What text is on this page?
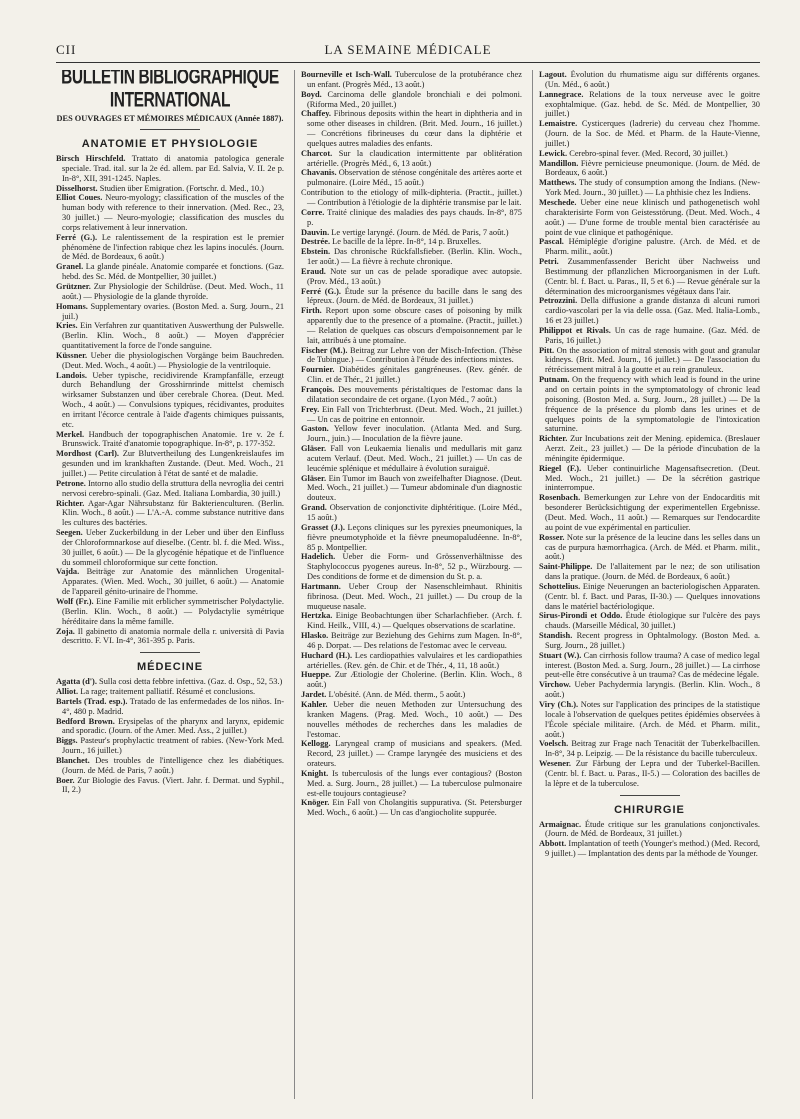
CII	LA SEMAINE MÉDICALE
BULLETIN BIBLIOGRAPHIQUE INTERNATIONAL
DES OUVRAGES ET MÉMOIRES MÉDICAUX (Année 1887).
ANATOMIE ET PHYSIOLOGIE

Birsch Hirschfeld. Trattato di anatomia patologica generale speciale. Trad. ital. sur la 2e éd. allem. par Ed. Salvia, V. II. 2e p. In-8°, XII, 391-1245. Naples.

Disselhorst. Studien über Emigration. (Fortschr. d. Med., 10.)

Elliot Coues. Neuro-myology; classification of the muscles of the human body with reference to their innervation. (Med. Rec., 23, 30 juillet.) — Neuro-myologie; classification des muscles du corps relativement à leur innervation.

Ferré (G.). Le ralentissement de la respiration est le premier phénomène de l'infection rabique chez les lapins inoculés. (Journ. de Méd. de Bordeaux, 6 août.)

Granel. La glande pinéale. Anatomie comparée et fonctions. (Gaz. hebd. des Sc. Méd. de Montpellier, 30 juillet.)

Grützner. Zur Physiologie der Schildrüse. (Deut. Med. Woch., 11 août.) — Physiologie de la glande thyroïde.

Homans. Supplementary ovaries. (Boston Med. a. Surg. Journ., 21 juil.)

Kries. Ein Verfahren zur quantitativen Auswerthung der Pulswelle. (Berlin. Klin. Woch., 8 août.) — Moyen d'apprécier quantitativement la force de l'onde sanguine.

Küssner. Ueber die physiologischen Vorgänge beim Bauchreden. (Deut. Med. Woch., 4 août.) — Physiologie de la ventriloquie.

Landois. Ueber typische, recidivirende Krampfanfälle, erzeugt durch Behandlung der Grosshirnrinde mittelst chemisch wirksamer Substanzen und über cerebrale Chorea. (Deut. Med. Woch., 4 août.) — Convulsions typiques, récidivantes, produites en irritant l'écorce centrale à l'aide d'agents chimiques puissants, etc.

Merkel. Handbuch der topographischen Anatomie. 1re v. 2e f. Brunswick. Traité d'anatomie topographique. In-8°, p. 177-352.

Mordhost (Carl). Zur Blutvertheilung des Lungenkreislaufes im gesunden und im krankhaften Zustande. (Deut. Med. Woch., 21 juillet.) — Petite circulation à l'état de santé et de maladie.

Petrone. Intorno allo studio della struttura della nevroglia dei centri nervosi cerebro-spinali. (Gaz. Med. Italiana Lombardia, 30 juill.)

Richter. Agar-Agar Nährsubstanz für Bakterienculturen. (Berlin. Klin. Woch., 8 août.) — L'A.-A. comme substance nutritive dans les cultures des bactéries.

Seegen. Ueber Zuckerbildung in der Leber und über den Einfluss der Chloroformnarkose auf dieselbe. (Centr. bl. f. die Med. Wiss., 30 juillet, 6 août.) — De la glycogénie hépatique et de l'influence du sommeil chloroformique sur cette fonction.

Vajda. Beiträge zur Anatomie des männlichen Urogenital-Apparates. (Wien. Med. Woch., 30 juillet, 6 août.) — Anatomie de l'appareil génito-urinaire de l'homme.

Wolf (Fr.). Eine Familie mit erblicher symmetrischer Polydactylie. (Berlin. Klin. Woch., 8 août.) — Polydactylie symétrique héréditaire dans la même famille.

Zoja. Il gabinetto di anatomia normale della r. università di Pavia descritto. F. VI. In-4°, 361-395 p. Paris.

MÉDECINE

Agatta (d'). Sulla cosi detta febbre infettiva. (Gaz. d. Osp., 52, 53.)

Alliot. La rage; traitement palliatif. Résumé et conclusions.

Bartels (Trad. esp.). Tratado de las enfermedades de los niños. In-4°, 480 p. Madrid.

Bedford Brown. Erysipelas of the pharynx and larynx, epidemic and sporadic. (Journ. of the Amer. Med. Ass., 2 juillet.)

Biggs. Pasteur's prophylactic treatment of rabies. (New-York Med. Journ., 16 juillet.)

Blanchet. Des troubles de l'intelligence chez les diabétiques. (Journ. de Méd. de Paris, 7 août.)

Boer. Zur Biologie des Favus. (Viert. Jahr. f. Dermat. und Syphil., II, 2.)

Bourneville et Isch-Wall. Tuberculose de la protubérance chez un enfant. (Progrès Méd., 13 août.)

Boyd. Carcinoma delle glandole bronchiali e dei polmoni. (Riforma Med., 20 juillet.)

Chaffey. Fibrinous deposits within the heart in diphtheria and in some other diseases in children. (Brit. Med. Journ., 16 juillet.) — Concrétions fibrineuses du cœur dans la diphtérie et quelques autres maladies des enfants.

Charcot. Sur la claudication intermittente par oblitération artérielle. (Progrès Méd., 6, 13 août.)

Chavanis. Observation de sténose congénitale des artères aorte et pulmonaire. (Loire Méd., 15 août.)

Contribution to the etiology of milk-diphteria. (Practit., juillet.) — Contribution à l'étiologie de la diphtérie transmise par le lait.

Corre. Traité clinique des maladies des pays chauds. In-8°, 875 p.

Dauvin. Le vertige laryngé. (Journ. de Méd. de Paris, 7 août.)

Destrée. Le bacille de la lèpre. In-8°, 14 p. Bruxelles.

Ebstein. Das chronische Rückfallsfieber. (Berlin. Klin. Woch., 1er août.) — La fièvre à rechute chronique.

Eraud. Note sur un cas de pelade sporadique avec autopsie. (Prov. Méd., 13 août.)

Ferré (G.). Étude sur la présence du bacille dans le sang des lépreux. (Journ. de Méd. de Bordeaux, 31 juillet.)

Firth. Report upon some obscure cases of poisoning by milk apparently due to the presence of a ptomaïne. (Practit., juillet.) — Relation de quelques cas obscurs d'empoisonnement par le lait, attribués à une ptomaïne.

Fischer (M.). Beitrag zur Lehre von der Misch-Infection. (Thèse de Tubingue.) — Contribution à l'étude des infections mixtes.

Fournier. Diabétides génitales gangréneuses. (Rev. génér. de Clin. et de Thér., 21 juillet.)

François. Des mouvements péristaltiques de l'estomac dans la dilatation secondaire de cet organe. (Lyon Méd., 7 août.)

Frey. Ein Fall von Trichterbrust. (Deut. Med. Woch., 21 juillet.) — Un cas de poitrine en entonnoir.

Gaston. Yellow fever inoculation. (Atlanta Med. and Surg. Journ., juin.) — Inoculation de la fièvre jaune.

Gläser. Fall von Leukaemia lienalis und medullaris mit ganz acutem Verlauf. (Deut. Med. Woch., 21 juillet.) — Un cas de leucémie splénique et médullaire à évolution suraiguë.

Gläser. Ein Tumor im Bauch von zweifelhafter Diagnose. (Deut. Med. Woch., 21 juillet.) — Tumeur abdominale d'un diagnostic douteux.

Grand. Observation de conjonctivite diphtéritique. (Loire Méd., 15 août.)

Grasset (J.). Leçons cliniques sur les pyrexies pneumoniques, la fièvre pneumotyphoïde et la fièvre pneumopaludéenne. In-8°, 85 p. Montpellier.

Hadelich. Ueber die Form- und Grössenverhältnisse des Staphylococcus pyogenes aureus. In-8°, 52 p., Würzbourg. — Des conditions de forme et de dimension du St. p. a.

Hartmann. Ueber Croup der Nasenschleimhaut. Rhinitis fibrinosa. (Deut. Med. Woch., 21 juillet.) — Du croup de la muqueuse nasale.

Hertzka. Einige Beobachtungen über Scharlachfieber. (Arch. f. Kind. Heilk., VIII, 4.) — Quelques observations de scarlatine.

Hlasko. Beiträge zur Beziehung des Gehirns zum Magen. In-8°, 46 p. Dorpat. — Des relations de l'estomac avec le cerveau.

Huchard (H.). Les cardiopathies valvulaires et les cardiopathies artérielles. (Rev. gén. de Chir. et de Thér., 4, 11, 18 août.)

Hueppe. Zur Ætiologie der Cholerine. (Berlin. Klin. Woch., 8 août.)

Jardet. L'obésité. (Ann. de Méd. therm., 5 août.)

Kahler. Ueber die neuen Methoden zur Untersuchung des kranken Magens. (Prag. Med. Woch., 10 août.) — Des nouvelles méthodes de recherches dans les maladies de l'estomac.

Kellogg. Laryngeal cramp of musicians and speakers. (Med. Record, 23 juillet.) — Crampe laryngée des musiciens et des orateurs.

Knight. Is tuberculosis of the lungs ever contagious? (Boston Med. a. Surg. Journ., 28 juillet.) — La tuberculose pulmonaire est-elle toujours contagieuse?

Knöger. Ein Fall von Cholangitis suppurativa. (St. Petersburger Med. Woch., 6 août.) — Un cas d'angiocholite suppurée.

Lagout. Évolution du rhumatisme aigu sur différents organes. (Un. Méd., 6 août.)

Lannegrace. Relations de la toux nerveuse avec le goitre exophtalmique. (Gaz. hebd. de Sc. Méd. de Montpellier, 30 juillet.)

Lemaistre. Cysticerques (ladrerie) du cerveau chez l'homme. (Journ. de la Soc. de Méd. et Pharm. de la Haute-Vienne, juillet.)

Lewick. Cerebro-spinal fever. (Med. Record, 30 juillet.)

Mandillon. Fièvre pernicieuse pneumonique. (Journ. de Méd. de Bordeaux, 6 août.)

Matthews. The study of consumption among the Indians. (New-York Med. Journ., 30 juillet.) — La phthisie chez les Indiens.

Meschede. Ueber eine neue klinisch und pathogenetisch wohl charakterisirte Form von Geistesstörung. (Deut. Med. Woch., 4 août.) — D'une forme de trouble mental bien caractérisée au point de vue clinique et pathogénique.

Pascal. Hémiplégie d'origine palustre. (Arch. de Méd. et de Pharm. milit., août.)

Petri. Zusammenfassender Bericht über Nachweiss und Bestimmung der pflanzlichen Microorganismen in der Luft. (Centr. bl. f. Bact. u. Paras., II, 5 et 6.) — Revue générale sur la détermination des microorganismes végétaux dans l'air.

Petrozzini. Della diffusione a grande distanza di alcuni rumori cardio-vascolari per la via delle ossa. (Gaz. Med. Italia-Lomb., 16 et 23 juillet.)

Philippot et Rivals. Un cas de rage humaine. (Gaz. Méd. de Paris, 16 juillet.)

Pitt. On the association of mitral stenosis with gout and granular kidneys. (Brit. Med. Journ., 16 juillet.) — De l'association du rétrécissement mitral à la goutte et au rein granuleux.

Putnam. On the frequency with which lead is found in the urine and on certain points in the symptomatology of chronic lead poisoning. (Boston Med. a. Surg. Journ., 28 juillet.) — De la fréquence de la présence du plomb dans les urines et de quelques points de la symptomatologie de l'intoxication saturnine.

Richter. Zur Incubations zeit der Mening. epidemica. (Breslauer Aerzt. Zeit., 23 juillet.) — De la période d'incubation de la méningite épidermique.

Riegel (F.). Ueber continuirliche Magensaftsecretion. (Deut. Med. Woch., 21 juillet.) — De la sécrétion gastrique ininterrompue.

Rosenbach. Bemerkungen zur Lehre von der Endocarditis mit besonderer Berücksichtigung der experimentellen Ergebnisse. (Deut. Med. Woch., 11 août.) — Remarques sur l'endocardite au point de vue expérimental en particulier.

Rosser. Note sur la présence de la leucine dans les selles dans un cas de purpura hæmorrhagica. (Arch. de Méd. et Pharm. milit., août.)

Saint-Philippe. De l'allaitement par le nez; de son utilisation dans la pratique. (Journ. de Méd. de Bordeaux, 6 août.)

Schottelius. Einige Neuerungen an bacteriologischen Apparaten. (Centr. bl. f. Bact. und Paras, II-30.) — Quelques innovations dans le matériel bactériologique.

Sirus-Pirondi et Oddo. Étude étiologique sur l'ulcère des pays chauds. (Marseille Médical, 30 juillet.)

Standish. Recent progress in Ophtalmology. (Boston Med. a. Surg. Journ., 28 juillet.)

Stuart (W.). Can cirrhosis follow trauma? A case of medico legal interest. (Boston Med. a. Surg. Journ., 28 juillet.) — La cirrhose peut-elle être consécutive à un trauma? Cas de médecine légale.

Virchow. Ueber Pachydermia laryngis. (Berlin. Klin. Woch., 8 août.)

Viry (Ch.). Notes sur l'application des principes de la statistique locale à l'observation de quelques petites épidémies observées à l'École spéciale militaire. (Arch. de Méd. et Pharm. milit., août.)

Voelsch. Beitrag zur Frage nach Tenacität der Tuberkelbacillen. In-8°, 34 p. Leipzig. — De la résistance du bacille tuberculeux.

Wesener. Zur Färbung der Lepra und der Tuberkel-Bacillen. (Centr. bl. f. Bact. u. Paras., II-5.) — Coloration des bacilles de la lèpre et de la tuberculose.

CHIRURGIE

Armaignac. Étude critique sur les granulations conjonctivales. (Journ. de Méd. de Bordeaux, 31 juillet.)

Abbott. Implantation of teeth (Younger's method.) (Med. Record, 9 juillet.) — Implantation des dents par la méthode de Younger.
